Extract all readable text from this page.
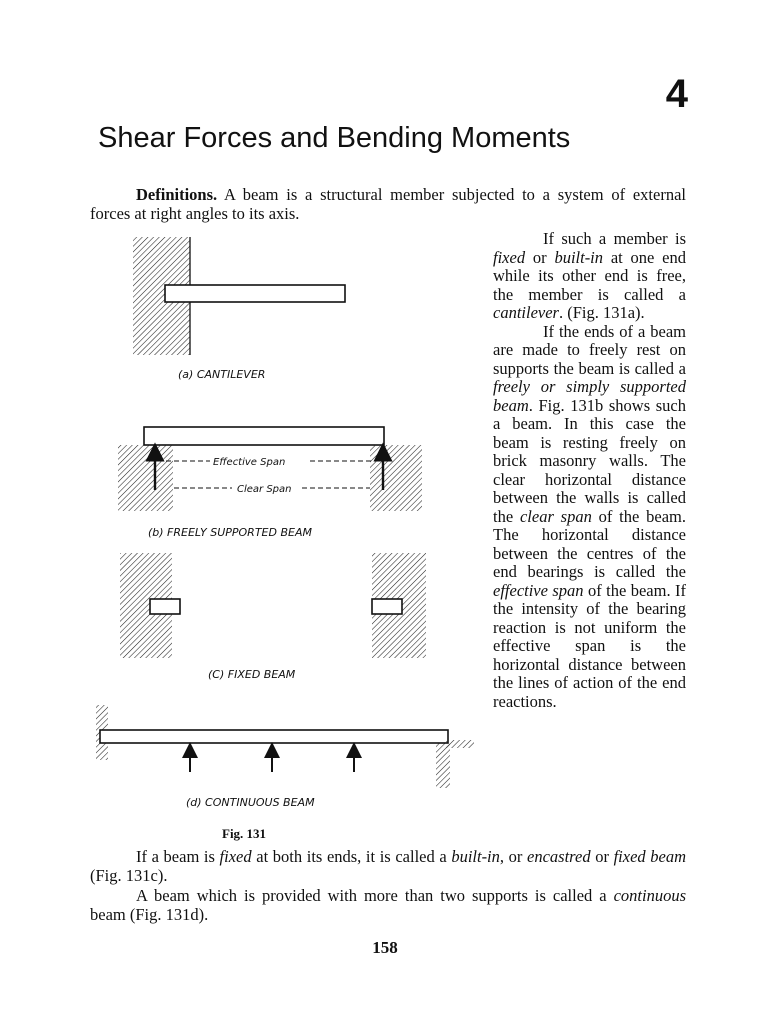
4
Shear Forces and Bending Moments
Definitions. A beam is a structural member subjected to a system of external forces at right angles to its axis.

If such a member is fixed or built-in at one end while its other end is free, the member is called a cantilever. (Fig. 131a).

If the ends of a beam are made to freely rest on supports the beam is called a freely or simply supported beam. Fig. 131b shows such a beam. In this case the beam is resting freely on brick masonry walls. The clear horizontal distance between the walls is called the clear span of the beam. The horizontal distance between the centres of the end bearings is called the effective span of the beam. If the intensity of the bearing reaction is not uniform the effective span is the horizontal distance between the lines of action of the end reactions.

(a) CANTILEVER
Effective Span
Clear Span
(b) FREELY SUPPORTED BEAM
(C) FIXED BEAM
(d) CONTINUOUS BEAM
Fig. 131

If a beam is fixed at both its ends, it is called a built-in, or encastred or fixed beam (Fig. 131c).

A beam which is provided with more than two supports is called a continuous beam (Fig. 131d).

158
